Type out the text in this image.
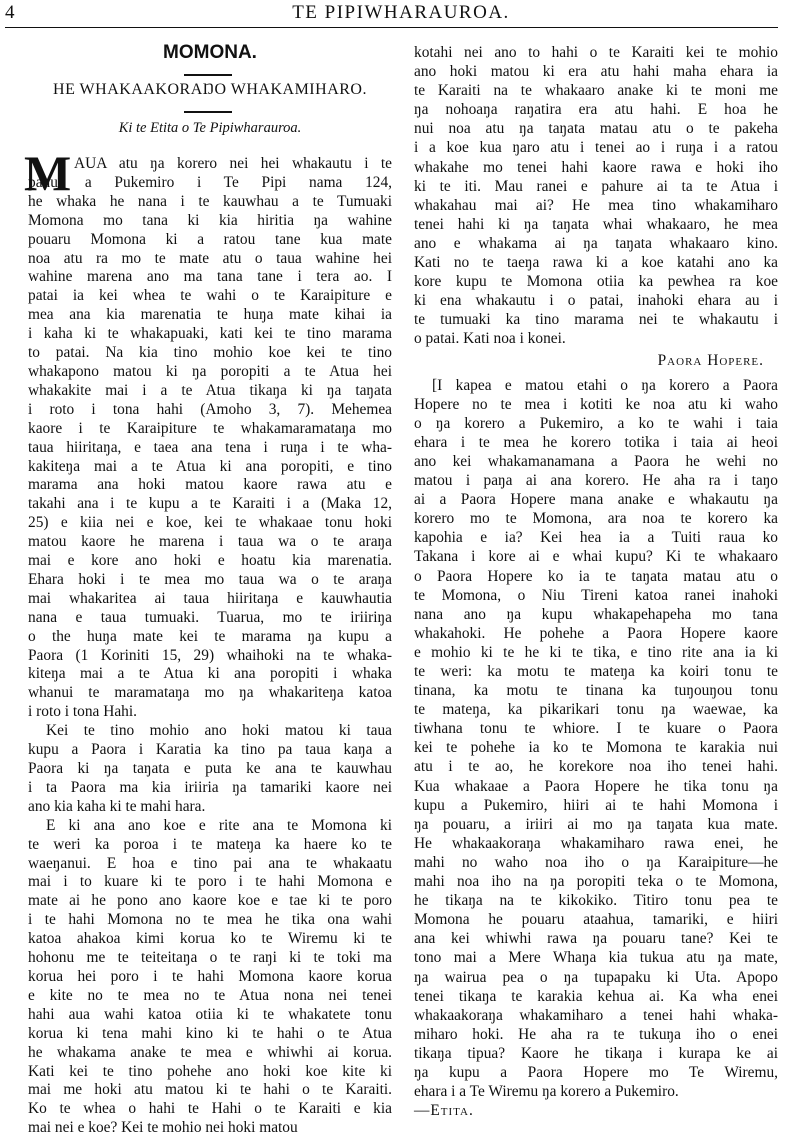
4	TE PIPIWHARAUROA.
MOMONA.
HE WHAKAAKORAŊO WHAKAMIHARO.
Ki te Etita o Te Pipiwharauroa.
M AUA atu ŋa korero nei hei whakautu i te
panui a Pukemiro i Te Pipi nama 124,
he whaka he nana i te kauwhau a te Tumuaki
Momona mo tana ki kia hiritia ŋa wahine
pouaru Momona ki a ratou tane kua mate
noa atu ra mo te mate atu o taua wahine hei
wahine marena ano ma tana tane i tera ao. I
patai ia kei whea te wahi o te Karaipiture e
mea ana kia marenatia te huŋa mate kihai ia
i kaha ki te whakapuaki, kati kei te tino marama
to patai. Na kia tino mohio koe kei te tino
whakapono matou ki ŋa poropiti a te Atua hei
whakakite mai i a te Atua tikaŋa ki ŋa taŋata
i roto i tona hahi (Amoho 3, 7). Mehemea
kaore i te Karaipiture te whakamaramataŋa mo
taua hiiritaŋa, e taea ana tena i ruŋa i te wha-
kakiteŋa mai a te Atua ki ana poropiti, e tino
marama ana hoki matou kaore rawa atu e
takahi ana i te kupu a te Karaiti i a (Maka 12,
25) e kiia nei e koe, kei te whakaae tonu hoki
matou kaore he marena i taua wa o te araŋa
mai e kore ano hoki e hoatu kia marenatia.
Ehara hoki i te mea mo taua wa o te araŋa
mai whakaritea ai taua hiiritaŋa e kauwhautia
nana e taua tumuaki. Tuarua, mo te iriiriŋa
o the huŋa mate kei te marama ŋa kupu a
Paora (1 Koriniti 15, 29) whaihoki na te whaka-
kiteŋa mai a te Atua ki ana poropiti i whaka
whanui te maramataŋa mo ŋa whakariteŋa katoa
i roto i tona Hahi.
Kei te tino mohio ano hoki matou ki taua
kupu a Paora i Karatia ka tino pa taua kaŋa a
Paora ki ŋa taŋata e puta ke ana te kauwhau
i ta Paora ma kia iriiria ŋa tamariki kaore nei
ano kia kaha ki te mahi hara.
E ki ana ano koe e rite ana te Momona ki
te weri ka poroa i te mateŋa ka haere ko te
waeŋanui. E hoa e tino pai ana te whakaatu
mai i to kuare ki te poro i te hahi Momona e
mate ai he pono ano kaore koe e tae ki te poro
i te hahi Momona no te mea he tika ona wahi
katoa ahakoa kimi korua ko te Wiremu ki te
hohonu me te teiteitaŋa o te raŋi ki te toki ma
korua hei poro i te hahi Momona kaore korua
e kite no te mea no te Atua nona nei tenei
hahi aua wahi katoa otiia ki te whakatete tonu
korua ki tena mahi kino ki te hahi o te Atua
he whakama anake te mea e whiwhi ai korua.
Kati kei te tino pohehe ano hoki koe kite ki
mai me hoki atu matou ki te hahi o te Karaiti.
Ko te whea o hahi te Hahi o te Karaiti e kia
mai nei e koe? Kei te mohio nei hoki matou
kotahi nei ano to hahi o te Karaiti kei te mohio
ano hoki matou ki era atu hahi maha ehara ia
te Karaiti na te whakaaro anake ki te moni me
ŋa nohoaŋa raŋatira era atu hahi. E hoa he
nui noa atu ŋa taŋata matau atu o te pakeha
i a koe kua ŋaro atu i tenei ao i ruŋa i a ratou
whakahe mo tenei hahi kaore rawa e hoki iho
ki te iti. Mau ranei e pahure ai ta te Atua i
whakahau mai ai? He mea tino whakamiharo
tenei hahi ki ŋa taŋata whai whakaaro, he mea
ano e whakama ai ŋa taŋata whakaaro kino.
Kati no te taeŋa rawa ki a koe katahi ano ka
kore kupu te Momona otiia ka pewhea ra koe
ki ena whakautu i o patai, inahoki ehara au i
te tumuaki ka tino marama nei te whakautu i
o patai. Kati noa i konei.
Paora Hopere.
[I kapea e matou etahi o ŋa korero a Paora
Hopere no te mea i kotiti ke noa atu ki waho
o ŋa korero a Pukemiro, a ko te wahi i taia
ehara i te mea he korero totika i taia ai heoi
ano kei whakamanamana a Paora he wehi no
matou i paŋa ai ana korero. He aha ra i taŋo
ai a Paora Hopere mana anake e whakautu ŋa
korero mo te Momona, ara noa te korero ka
kapohia e ia? Kei hea ia a Tuiti raua ko
Takana i kore ai e whai kupu? Ki te whakaaro
o Paora Hopere ko ia te taŋata matau atu o
te Momona, o Niu Tireni katoa ranei inahoki
nana ano ŋa kupu whakapehapeha mo tana
whakahoki. He pohehe a Paora Hopere kaore
e mohio ki te he ki te tika, e tino rite ana ia ki
te weri: ka motu te mateŋa ka koiri tonu te
tinana, ka motu te tinana ka tuŋouŋou tonu
te mateŋa, ka pikarikari tonu ŋa waewae, ka
tiwhana tonu te whiore. I te kuare o Paora
kei te pohehe ia ko te Momona te karakia nui
atu i te ao, he korekore noa iho tenei hahi.
Kua whakaae a Paora Hopere he tika tonu ŋa
kupu a Pukemiro, hiiri ai te hahi Momona i
ŋa pouaru, a iriiri ai mo ŋa taŋata kua mate.
He whakaakoraŋa whakamiharo rawa enei, he
mahi no waho noa iho o ŋa Karaipiture—he
mahi noa iho na ŋa poropiti teka o te Momona,
he tikaŋa na te kikokiko. Titiro tonu pea te
Momona he pouaru ataahua, tamariki, e hiiri
ana kei whiwhi rawa ŋa pouaru tane? Kei te
tono mai a Mere Whaŋa kia tukua atu ŋa mate,
ŋa wairua pea o ŋa tupapaku ki Uta. Apopo
tenei tikaŋa te karakia kehua ai. Ka wha enei
whakaakoraŋa whakamiharo a tenei hahi whaka-
miharo hoki. He aha ra te tukuŋa iho o enei
tikaŋa tipua? Kaore he tikaŋa i kurapa ke ai
ŋa kupu a Paora Hopere mo Te Wiremu,
ehara i a Te Wiremu ŋa korero a Pukemiro.
—Etita.
